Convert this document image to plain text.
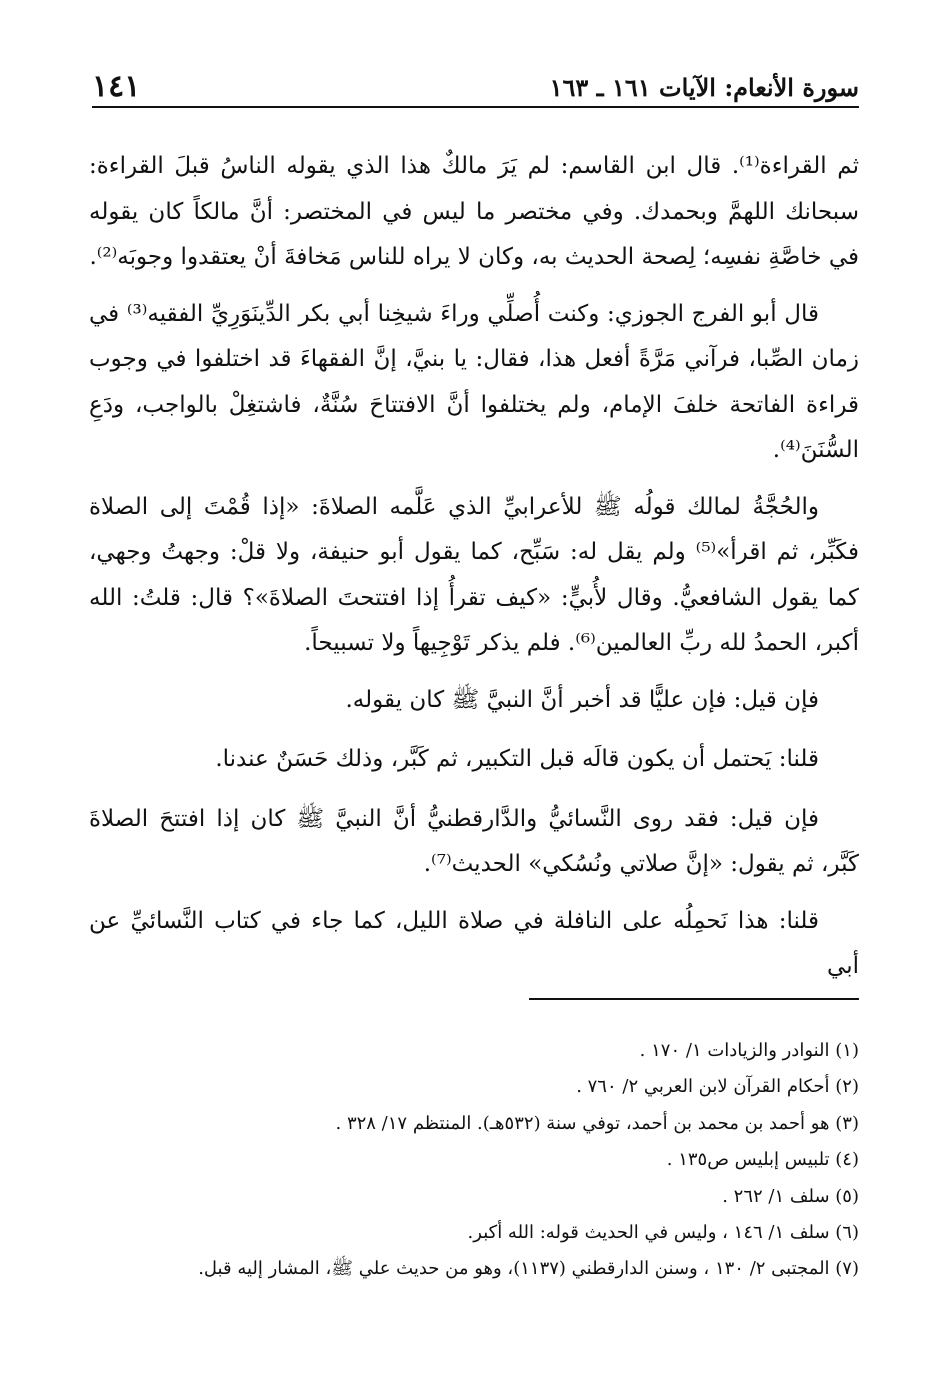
سورة الأنعام: الآيات ١٦١ ـ ١٦٣
١٤١

ثم القراءة⁽¹⁾. قال ابن القاسم: لم يَرَ مالكٌ هذا الذي يقوله الناسُ قبلَ القراءة: سبحانك اللهمَّ وبحمدك. وفي مختصر ما ليس في المختصر: أنَّ مالكاً كان يقوله في خاصَّةِ نفسِه؛ لِصحة الحديث به، وكان لا يراه للناس مَخافةَ أنْ يعتقدوا وجوبَه⁽²⁾.

قال أبو الفرج الجوزي: وكنت أُصلِّي وراءَ شيخِنا أبي بكر الدِّينَوَرِيِّ الفقيه⁽³⁾ في زمان الصِّبا، فرآني مَرَّةً أفعل هذا، فقال: يا بنيَّ، إنَّ الفقهاءَ قد اختلفوا في وجوب قراءة الفاتحة خلفَ الإمام، ولم يختلفوا أنَّ الافتتاحَ سُنَّةٌ، فاشتغِلْ بالواجب، ودَعِ السُّنَنَ⁽⁴⁾.

والحُجَّةُ لمالك قولُه ﷺ للأعرابيِّ الذي عَلَّمه الصلاةَ: «إذا قُمْتَ إلى الصلاة فكَبِّر، ثم اقرأ»⁽⁵⁾ ولم يقل له: سَبِّح، كما يقول أبو حنيفة، ولا قلْ: وجهتُ وجهي، كما يقول الشافعيُّ. وقال لأُبيٍّ: «كيف تقرأُ إذا افتتحتَ الصلاةَ»؟ قال: قلتُ: الله أكبر، الحمدُ لله ربِّ العالمين⁽⁶⁾. فلم يذكر تَوْجِيهاً ولا تسبيحاً.

فإن قيل: فإن عليًّا قد أخبر أنَّ النبيَّ ﷺ كان يقوله.

قلنا: يَحتمل أن يكون قالَه قبل التكبير، ثم كَبَّر، وذلك حَسَنٌ عندنا.

فإن قيل: فقد روى النَّسائيُّ والدَّارقطنيُّ أنَّ النبيَّ ﷺ كان إذا افتتحَ الصلاةَ كَبَّر، ثم يقول: «إنَّ صلاتي ونُسُكي» الحديث⁽⁷⁾.

قلنا: هذا نَحمِلُه على النافلة في صلاة الليل، كما جاء في كتاب النَّسائيِّ عن أبي

(١) النوادر والزيادات ١/ ١٧٠ .

(٢) أحكام القرآن لابن العربي ٢/ ٧٦٠ .

(٣) هو أحمد بن محمد بن أحمد، توفي سنة (٥٣٢هـ). المنتظم ١٧/ ٣٢٨ .

(٤) تلبيس إبليس ص١٣٥ .

(٥) سلف ١/ ٢٦٢ .

(٦) سلف ١/ ١٤٦ ، وليس في الحديث قوله: الله أكبر.

(٧) المجتبى ٢/ ١٣٠ ، وسنن الدارقطني (١١٣٧)، وهو من حديث علي ﷺ، المشار إليه قبل.
